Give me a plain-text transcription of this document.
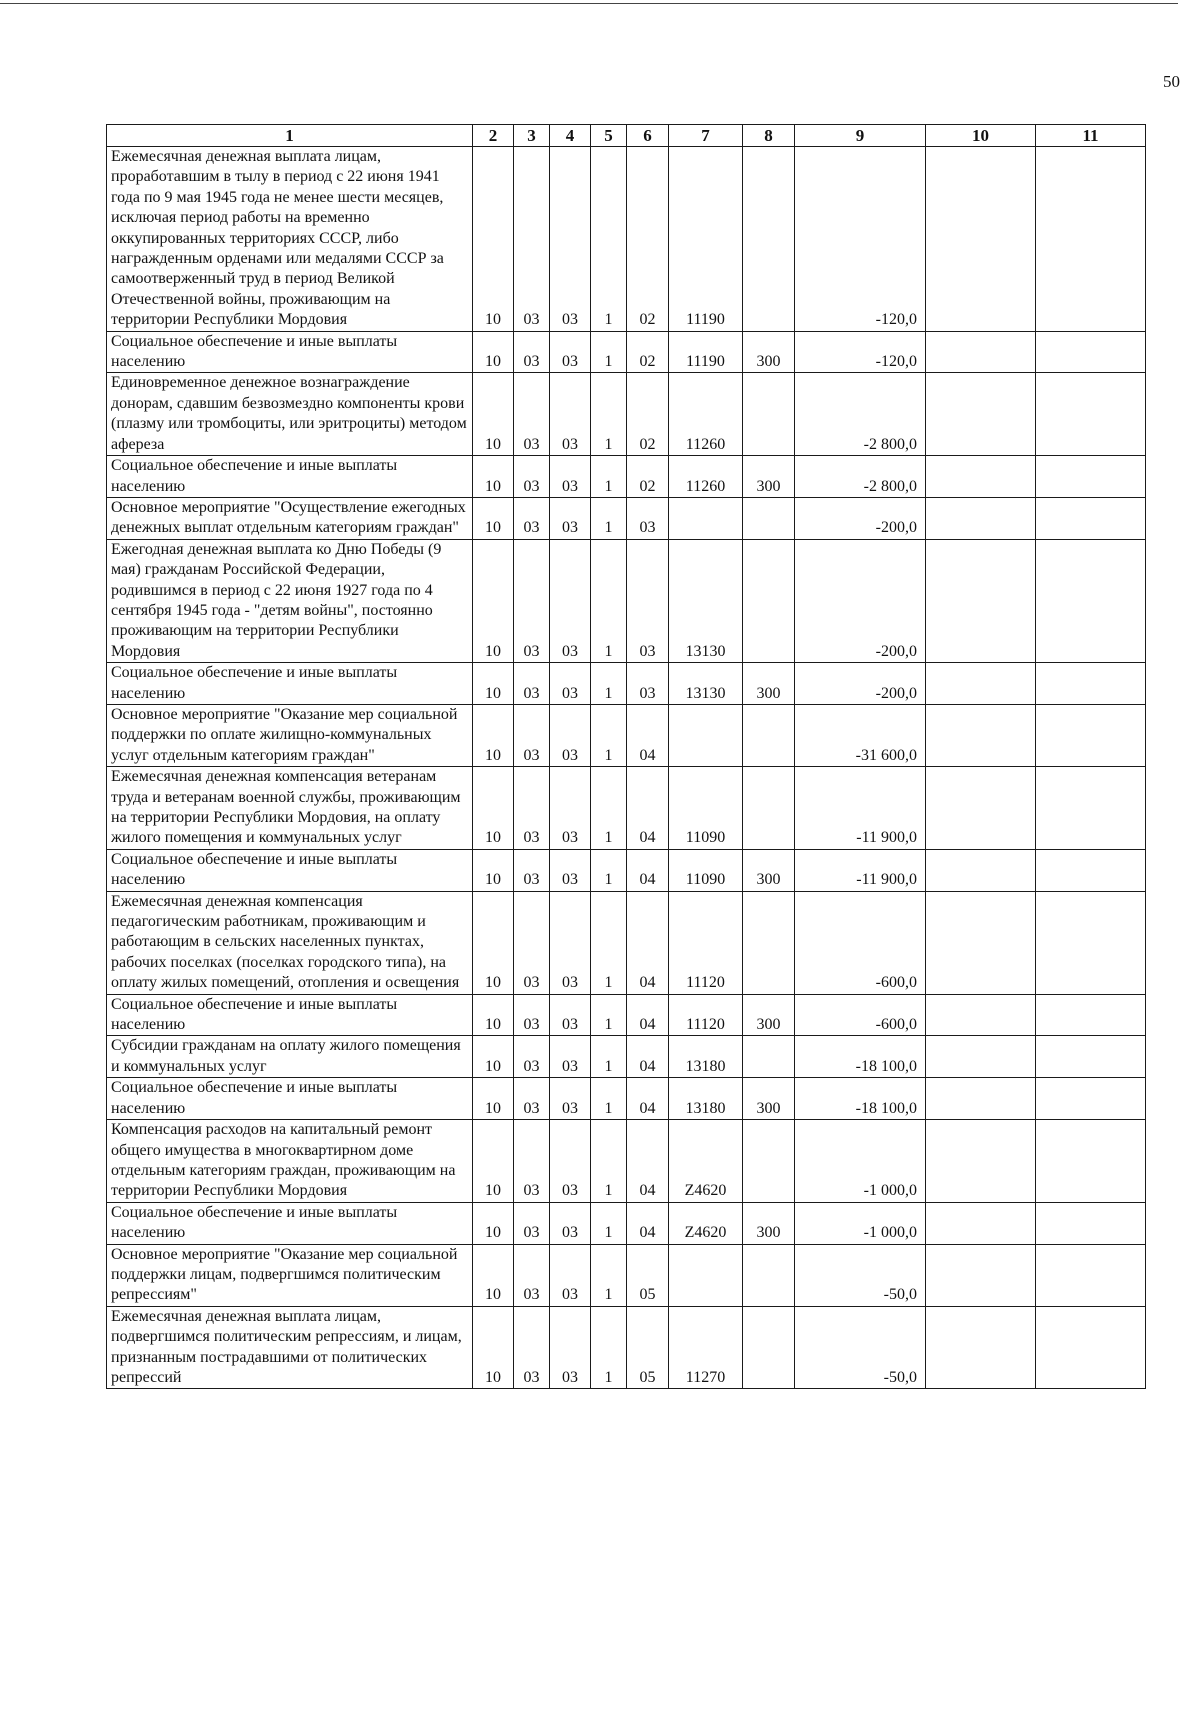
50
1	2	3	4	5	6	7	8	9	10	11
Ежемесячная денежная выплата лицам, проработавшим в тылу в период с 22 июня 1941 года по 9 мая 1945 года не менее шести месяцев, исключая период работы на временно оккупированных территориях СССР, либо награжденным орденами или медалями СССР за самоотверженный труд в период Великой Отечественной войны, проживающим на территории Республики Мордовия	10	03	03	1	02	11190		-120,0		
Социальное обеспечение и иные выплаты населению	10	03	03	1	02	11190	300	-120,0		
Единовременное денежное вознаграждение донорам, сдавшим безвозмездно компоненты крови (плазму или тромбоциты, или эритроциты) методом афереза	10	03	03	1	02	11260		-2 800,0		
Социальное обеспечение и иные выплаты населению	10	03	03	1	02	11260	300	-2 800,0		
Основное мероприятие "Осуществление ежегодных денежных выплат отдельным категориям граждан"	10	03	03	1	03			-200,0		
Ежегодная денежная выплата ко Дню Победы (9 мая) гражданам Российской Федерации, родившимся в период с 22 июня 1927 года по 4 сентября 1945 года - "детям войны", постоянно проживающим на территории Республики Мордовия	10	03	03	1	03	13130		-200,0		
Социальное обеспечение и иные выплаты населению	10	03	03	1	03	13130	300	-200,0		
Основное мероприятие "Оказание мер социальной поддержки по оплате жилищно-коммунальных услуг отдельным категориям граждан"	10	03	03	1	04			-31 600,0		
Ежемесячная денежная компенсация ветеранам труда и ветеранам военной службы, проживающим на территории Республики Мордовия, на оплату жилого помещения и коммунальных услуг	10	03	03	1	04	11090		-11 900,0		
Социальное обеспечение и иные выплаты населению	10	03	03	1	04	11090	300	-11 900,0		
Ежемесячная денежная компенсация педагогическим работникам, проживающим и работающим в сельских населенных пунктах, рабочих поселках (поселках городского типа), на оплату жилых помещений, отопления и освещения	10	03	03	1	04	11120		-600,0		
Социальное обеспечение и иные выплаты населению	10	03	03	1	04	11120	300	-600,0		
Субсидии гражданам на оплату жилого помещения и коммунальных услуг	10	03	03	1	04	13180		-18 100,0		
Социальное обеспечение и иные выплаты населению	10	03	03	1	04	13180	300	-18 100,0		
Компенсация расходов на капитальный ремонт общего имущества в многоквартирном доме отдельным категориям граждан, проживающим на территории Республики Мордовия	10	03	03	1	04	Z4620		-1 000,0		
Социальное обеспечение и иные выплаты населению	10	03	03	1	04	Z4620	300	-1 000,0		
Основное мероприятие "Оказание мер социальной поддержки лицам, подвергшимся политическим репрессиям"	10	03	03	1	05			-50,0		
Ежемесячная денежная выплата лицам, подвергшимся политическим репрессиям, и лицам, признанным пострадавшими от политических репрессий	10	03	03	1	05	11270		-50,0		
